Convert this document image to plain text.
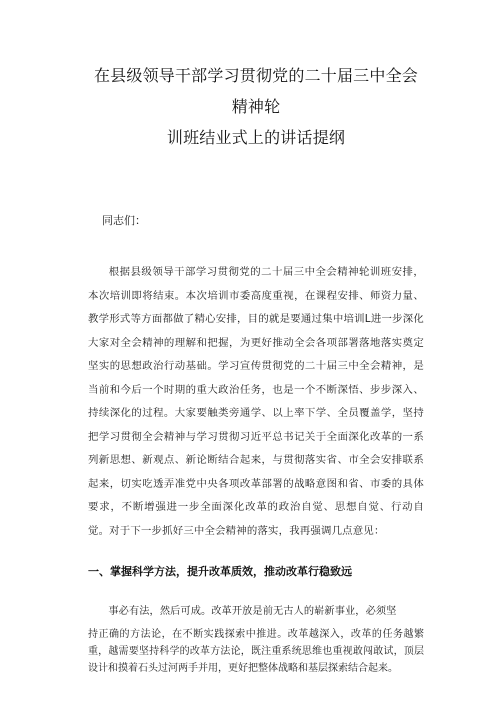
在县级领导干部学习贯彻党的二十届三中全会精神轮
训班结业式上的讲话提纲

同志们：

根据县级领导干部学习贯彻党的二十届三中全会精神轮训班安排，本次培训即将结束。本次培训市委高度重视，在课程安排、师资力量、教学形式等方面都做了精心安排，目的就是要通过集中培训L进一步深化大家对全会精神的理解和把握，为更好推动全会各项部署落地落实奠定坚实的思想政治行动基础。学习宣传贯彻党的二十届三中全会精神，是当前和今后一个时期的重大政治任务，也是一个不断深悟、步步深入、持续深化的过程。大家要触类旁通学、以上率下学、全员覆盖学，坚持把学习贯彻全会精神与学习贯彻习近平总书记关于全面深化改革的一系列新思想、新观点、新论断结合起来，与贯彻落实省、市全会安排联系起来，切实吃透弄准党中央各项改革部署的战略意图和省、市委的具体要求，不断增强进一步全面深化改革的政治自觉、思想自觉、行动自觉。对于下一步抓好三中全会精神的落实，我再强调几点意见：

一、掌握科学方法，提升改革质效，推动改革行稳致远

事必有法，然后可成。改革开放是前无古人的崭新事业，必须坚

持正确的方法论，在不断实践探索中推进。改革越深入，改革的任务越繁重，越需要坚持科学的改革方法论，既注重系统思维也重视敢闯敢试，顶层设计和摸着石头过河两手并用，更好把整体战略和基层探索结合起来。
